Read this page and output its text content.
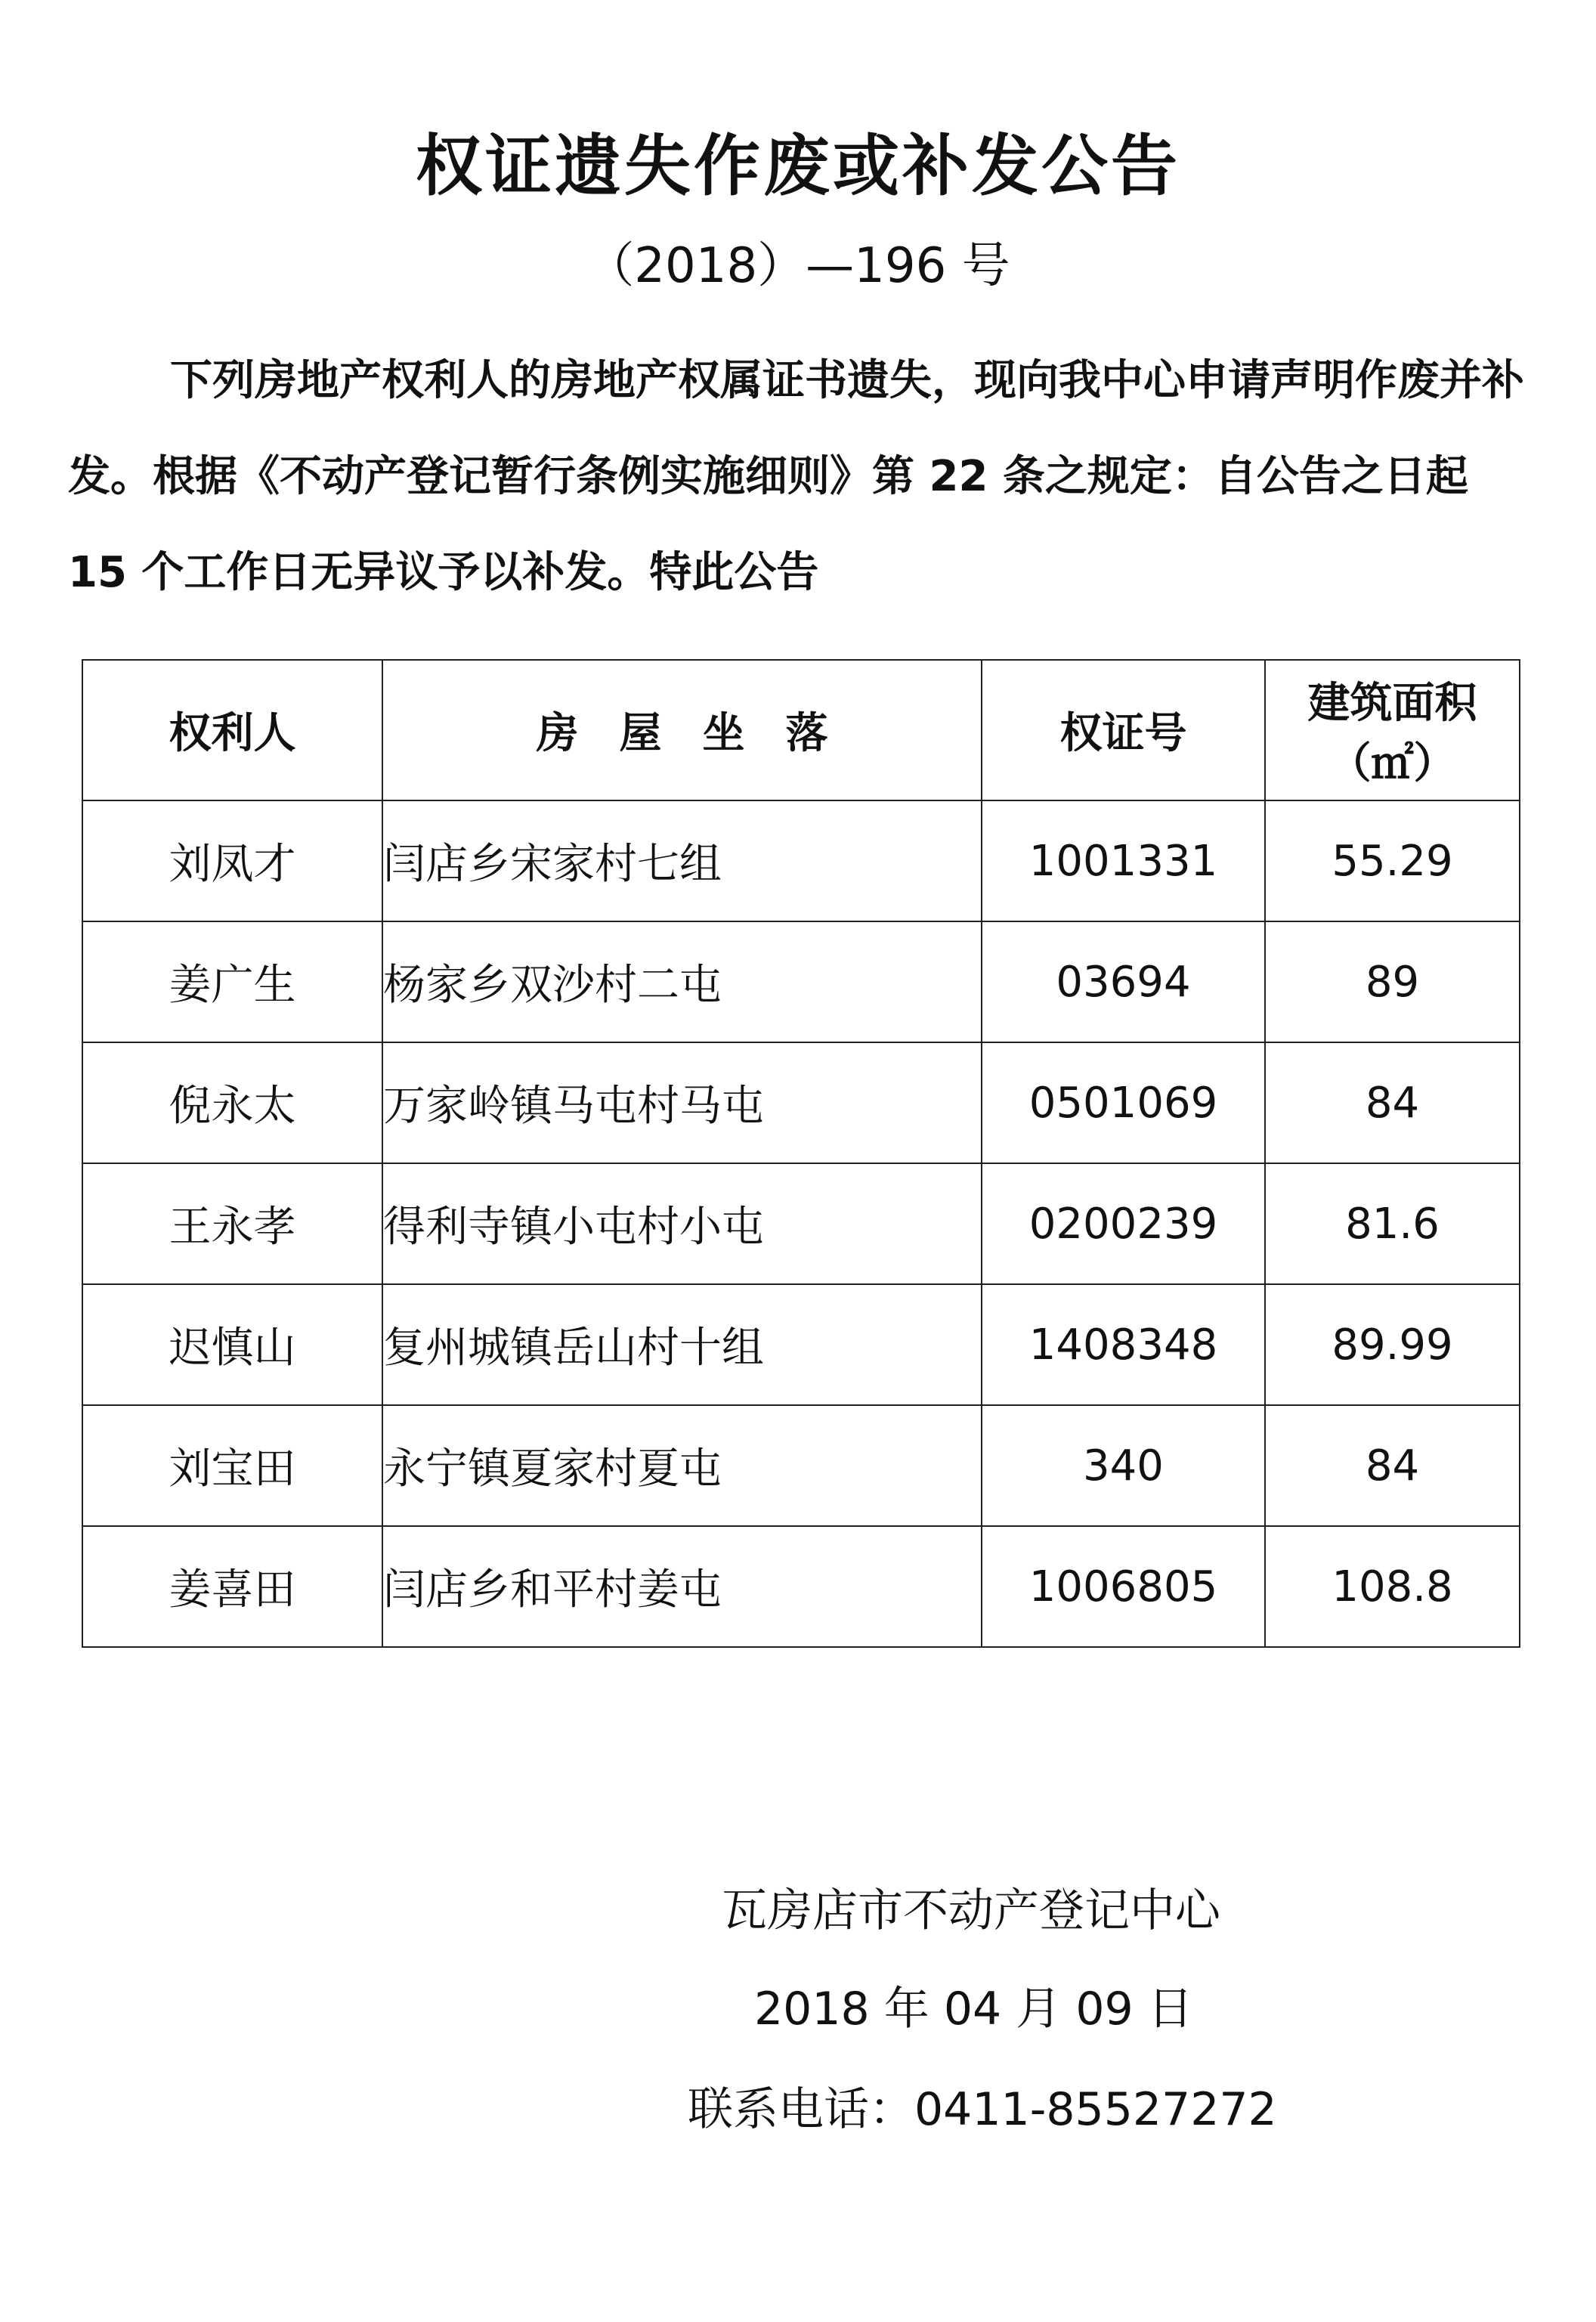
权证遗失作废或补发公告
（2018）—196 号

下列房地产权利人的房地产权属证书遗失，现向我中心申请声明作废并补发。根据《不动产登记暂行条例实施细则》第 22 条之规定：自公告之日起 15 个工作日无异议予以补发。特此公告

权利人	房屋坐落	权证号	建筑面积
（㎡）

刘凤才	闫店乡宋家村七组	1001331	55.29
姜广生	杨家乡双沙村二屯	03694	89
倪永太	万家岭镇马屯村马屯	0501069	84
王永孝	得利寺镇小屯村小屯	0200239	81.6
迟慎山	复州城镇岳山村十组	1408348	89.99
刘宝田	永宁镇夏家村夏屯	340	84
姜喜田	闫店乡和平村姜屯	1006805	108.8
瓦房店市不动产登记中心
2018 年 04 月 09 日
联系电话：0411-85527272
